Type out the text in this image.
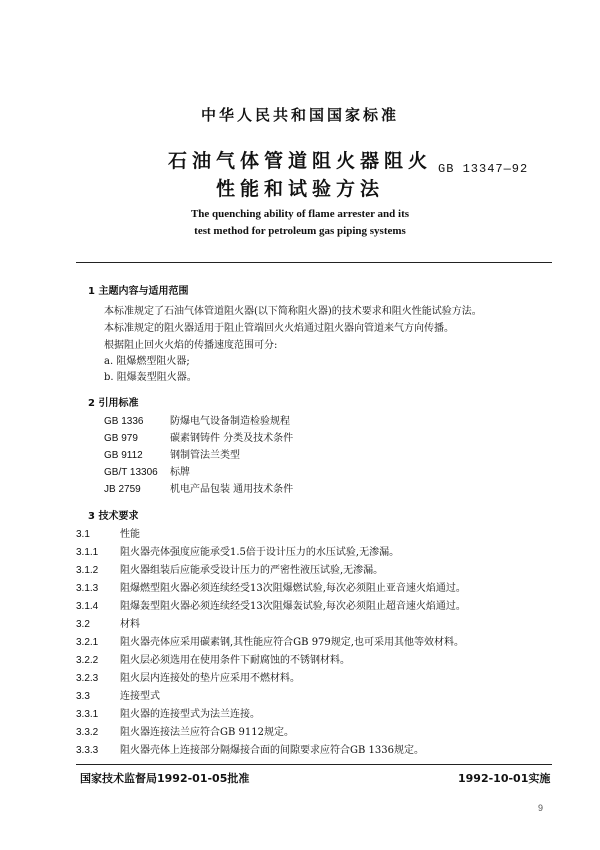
中华人民共和国国家标准

石油气体管道阻火器阻火

性能和试验方法

GB 13347—92

The quenching ability of flame arrester and its

test method for petroleum gas piping systems

1 主题内容与适用范围

本标准规定了石油气体管道阻火器(以下简称阻火器)的技术要求和阻火性能试验方法。

本标准规定的阻火器适用于阻止管端回火火焰通过阻火器向管道来气方向传播。

根据阻止回火火焰的传播速度范围可分:

a. 阻爆燃型阻火器;

b. 阻爆轰型阻火器。

2 引用标准

GB 1336	防爆电气设备制造检验规程

GB 979	碳素钢铸件 分类及技术条件

GB 9112	钢制管法兰类型

GB/T 13306 标牌

JB 2759	机电产品包装 通用技术条件

3 技术要求

3.1	性能

3.1.1 阻火器壳体强度应能承受1.5倍于设计压力的水压试验,无渗漏。

3.1.2 阻火器组装后应能承受设计压力的严密性液压试验,无渗漏。

3.1.3 阻爆燃型阻火器必须连续经受13次阻爆燃试验,每次必须阻止亚音速火焰通过。

3.1.4 阻爆轰型阻火器必须连续经受13次阻爆轰试验,每次必须阻止超音速火焰通过。

3.2	材料

3.2.1 阻火器壳体应采用碳素钢,其性能应符合GB 979规定,也可采用其他等效材料。

3.2.2 阻火层必须选用在使用条件下耐腐蚀的不锈钢材料。

3.2.3 阻火层内连接处的垫片应采用不燃材料。

3.3	连接型式

3.3.1 阻火器的连接型式为法兰连接。

3.3.2 阻火器连接法兰应符合GB 9112规定。

3.3.3 阻火器壳体上连接部分隔爆接合面的间隙要求应符合GB 1336规定。

国家技术监督局1992-01-05批准	1992-10-01实施

9
